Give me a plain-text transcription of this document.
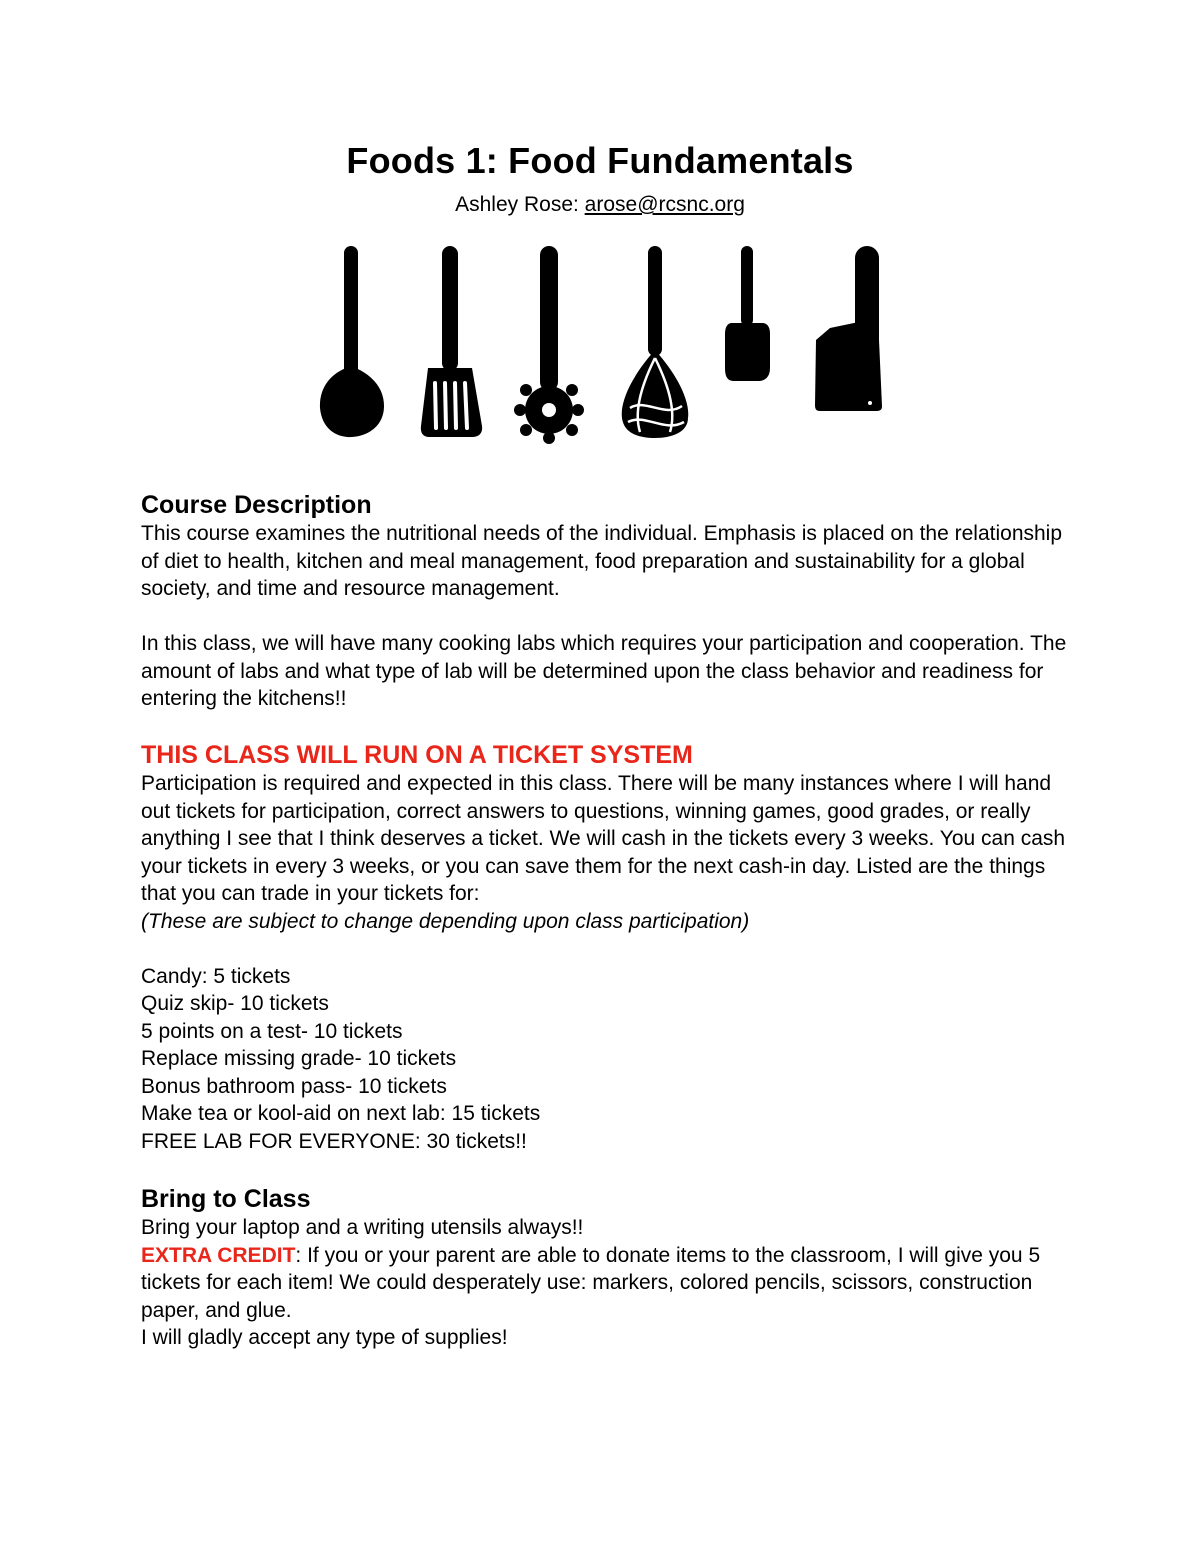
Foods 1: Food Fundamentals
Ashley Rose: arose@rcsnc.org
Course Description

This course examines the nutritional needs of the individual. Emphasis is placed on the relationship of diet to health, kitchen and meal management, food preparation and sustainability for a global society, and time and resource management.

In this class, we will have many cooking labs which requires your participation and cooperation. The amount of labs and what type of lab will be determined upon the class behavior and readiness for entering the kitchens!!

THIS CLASS WILL RUN ON A TICKET SYSTEM

Participation is required and expected in this class. There will be many instances where I will hand out tickets for participation, correct answers to questions, winning games, good grades, or really anything I see that I think deserves a ticket. We will cash in the tickets every 3 weeks. You can cash your tickets in every 3 weeks, or you can save them for the next cash-in day. Listed are the things that you can trade in your tickets for:

(These are subject to change depending upon class participation)

Candy: 5 tickets
Quiz skip- 10 tickets
5 points on a test- 10 tickets
Replace missing grade- 10 tickets
Bonus bathroom pass- 10 tickets
Make tea or kool-aid on next lab: 15 tickets
FREE LAB FOR EVERYONE: 30 tickets!!
Bring to Class

Bring your laptop and a writing utensils always!!

EXTRA CREDIT: If you or your parent are able to donate items to the classroom, I will give you 5 tickets for each item! We could desperately use: markers, colored pencils, scissors, construction paper, and glue.

I will gladly accept any type of supplies!
